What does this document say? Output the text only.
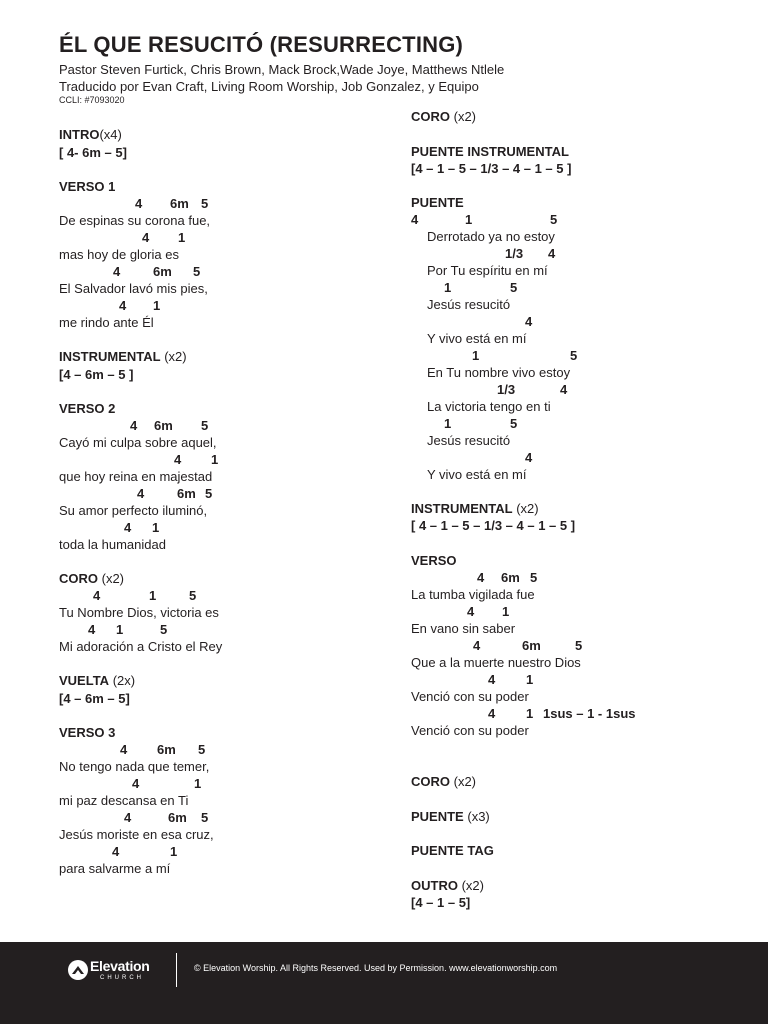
ÉL QUE RESUCITÓ (RESURRECTING)
Pastor Steven Furtick, Chris Brown, Mack Brock,Wade Joye, Matthews Ntlele
Traducido por Evan Craft, Living Room Worship, Job Gonzalez, y Equipo
CCLI: #7093020
INTRO(x4)
[ 4- 6m – 5]
VERSO 1
4 6m 5
De espinas su corona fue,
4 1
mas hoy de gloria es
4	6m 5
El Salvador lavó mis pies,
4 1
me rindo ante Él
INSTRUMENTAL (x2)
[4 – 6m – 5 ]
VERSO 2
4 6m 5
Cayó mi culpa sobre aquel,
4 1
que hoy reina en majestad
4	6m 5
Su amor perfecto iluminó,
4 1
toda la humanidad
CORO (x2)
4	1	5
Tu Nombre Dios, victoria es
4 1	5
Mi adoración a Cristo el Rey
VUELTA (2x)
[4 – 6m – 5]
VERSO 3
4 6m 5
No tengo nada que temer,
4	1
mi paz descansa en Ti
4	6m 5
Jesús moriste en esa cruz,
4	1
para salvarme a mí
CORO (x2)
PUENTE INSTRUMENTAL
[4 – 1 – 5 – 1/3 – 4 – 1 – 5 ]
PUENTE
4	1	5
Derrotado ya no estoy
1/3 4
Por Tu espíritu en mí
1	5
Jesús resucitó
4
Y vivo está en mí
1	5
En Tu nombre vivo estoy
1/3	4
La victoria tengo en ti
1	5
Jesús resucitó
4
Y vivo está en mí
INSTRUMENTAL (x2)
[ 4 – 1 – 5 – 1/3 – 4 – 1 – 5 ]
VERSO
4 6m 5
La tumba vigilada fue
4 1
En vano sin saber
4	6m	5
Que a la muerte nuestro Dios
4 1
Venció con su poder
4 1 1sus – 1 - 1sus
Venció con su poder
CORO (x2)
PUENTE (x3)
PUENTE TAG
OUTRO (x2)
[4 – 1 – 5]
Elevation
CHURCH
© Elevation Worship. All Rights Reserved. Used by Permission. www.elevationworship.com
